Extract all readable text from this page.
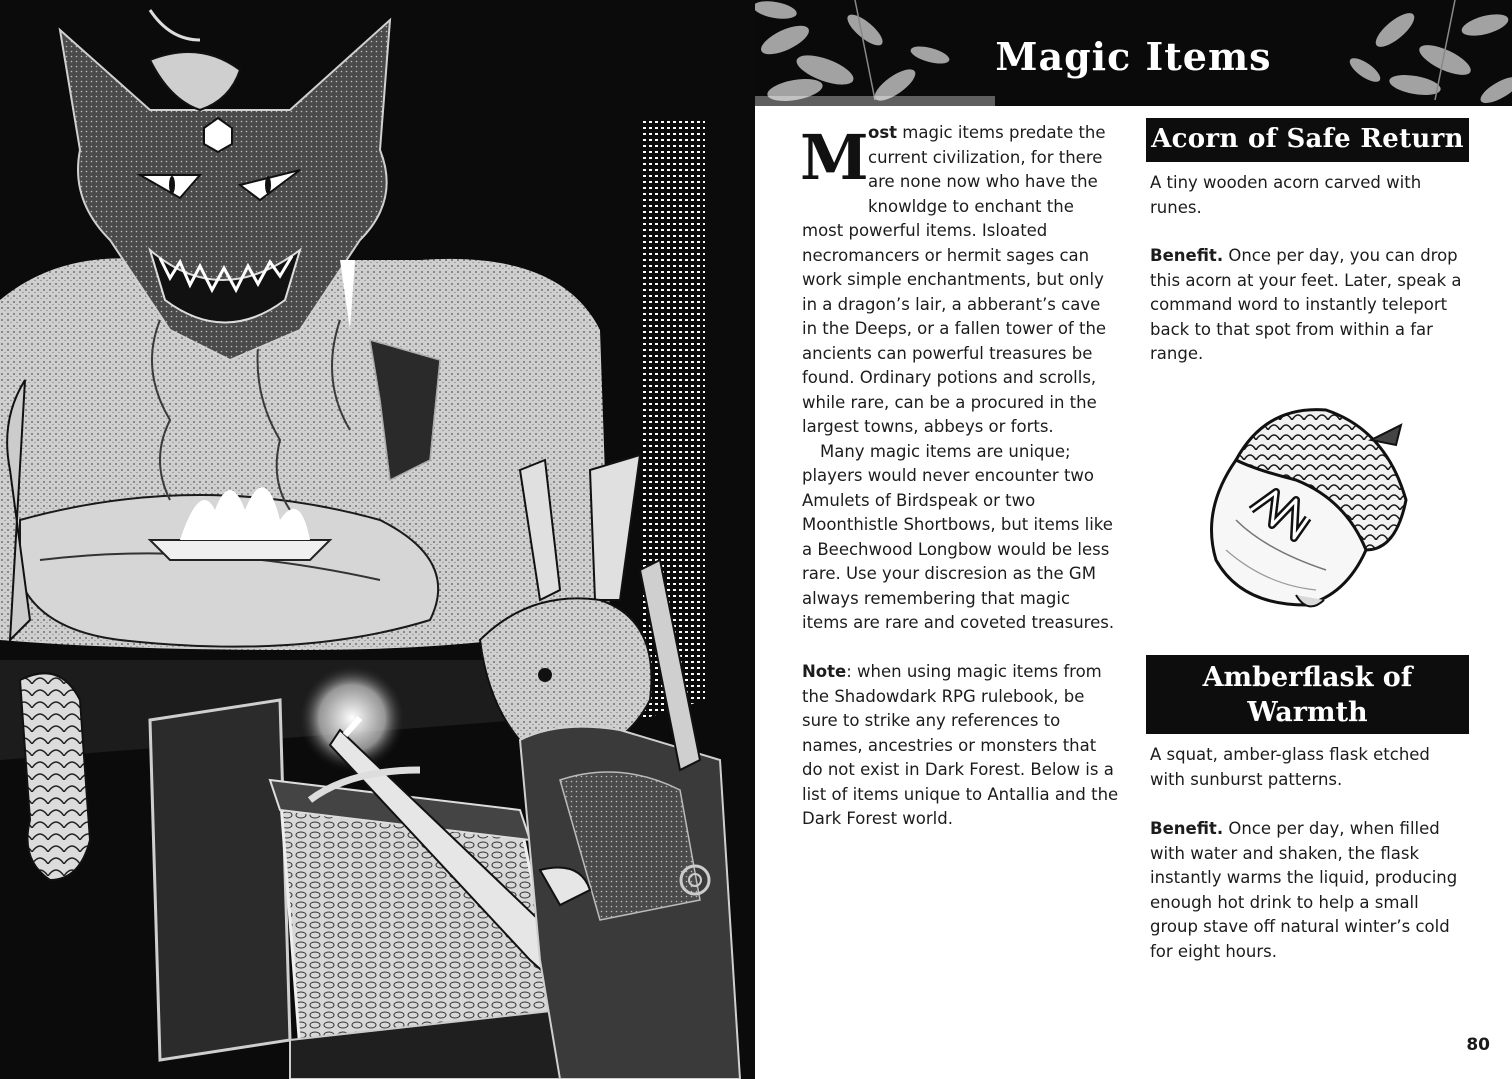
Magic Items
Most magic items predate the current civilization, for there are none now who have the knowldge to enchant the most powerful items. Isloated necromancers or hermit sages can work simple enchantments, but only in a dragon’s lair, a abberant’s cave in the Deeps, or a fallen tower of the ancients can powerful treasures be found. Ordinary potions and scrolls, while rare, can be a procured in the largest towns, abbeys or forts.
Many magic items are unique; players would never encounter two Amulets of Birdspeak or two Moonthistle Shortbows, but items like a Beechwood Longbow would be less rare. Use your discresion as the GM always remembering that magic items are rare and coveted treasures.
Note: when using magic items from the Shadowdark RPG rulebook, be sure to strike any references to names, ancestries or monsters that do not exist in Dark Forest. Below is a list of items unique to Antallia and the Dark Forest world.
Acorn of Safe Return
A tiny wooden acorn carved with runes.
Benefit. Once per day, you can drop this acorn at your feet. Later, speak a command word to instantly teleport back to that spot from within a far range.
Amberflask of Warmth
A squat, amber-glass flask etched with sunburst patterns.
Benefit. Once per day, when filled with water and shaken, the flask instantly warms the liquid, producing enough hot drink to help a small group stave off natural winter’s cold for eight hours.
80
